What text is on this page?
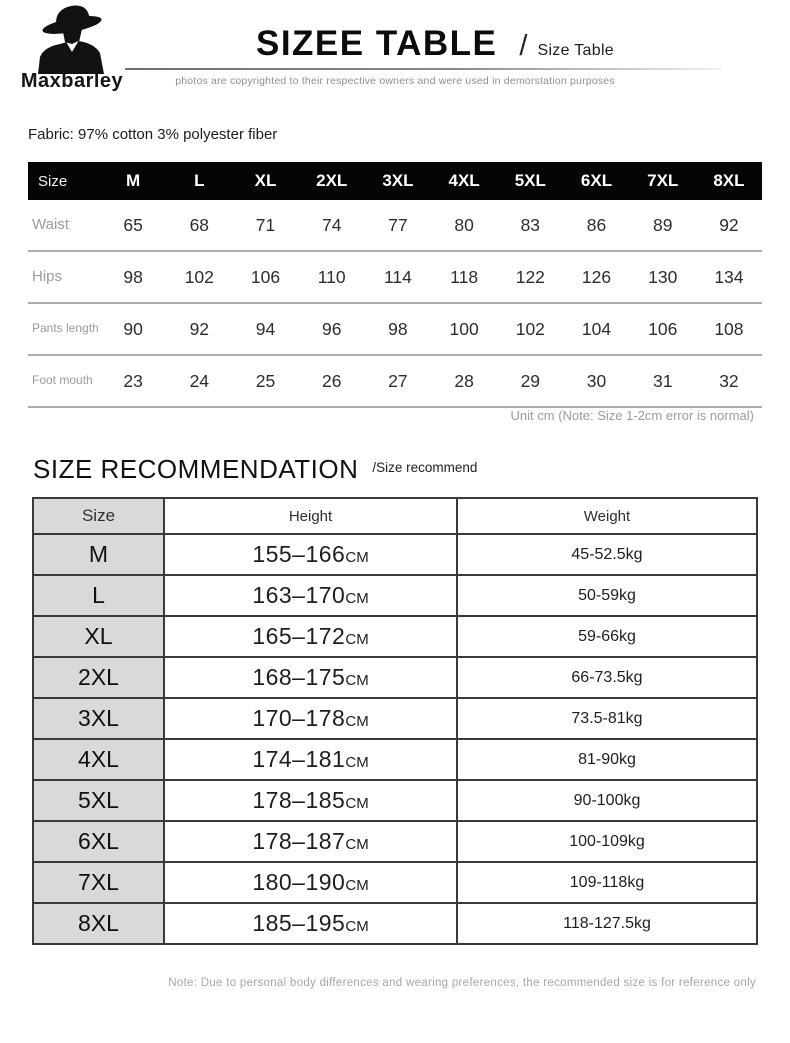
Maxbarley
SIZEE TABLE / Size Table
photos are copyrighted to their respective owners and were used in demorstation purposes
Fabric: 97% cotton 3% polyester fiber
Size	M	L	XL	2XL	3XL	4XL	5XL	6XL	7XL	8XL
Waist	65	68	71	74	77	80	83	86	89	92
Hips	98	102	106	110	114	118	122	126	130	134
Pants length	90	92	94	96	98	100	102	104	106	108
Foot mouth	23	24	25	26	27	28	29	30	31	32
Unit cm (Note: Size 1-2cm error is normal)
SIZE RECOMMENDATION /Size recommend
Size	Height	Weight
M	155–166CM	45-52.5kg
L	163–170CM	50-59kg
XL	165–172CM	59-66kg
2XL	168–175CM	66-73.5kg
3XL	170–178CM	73.5-81kg
4XL	174–181CM	81-90kg
5XL	178–185CM	90-100kg
6XL	178–187CM	100-109kg
7XL	180–190CM	109-118kg
8XL	185–195CM	118-127.5kg
Note: Due to personal body differences and wearing preferences, the recommended size is for reference only
